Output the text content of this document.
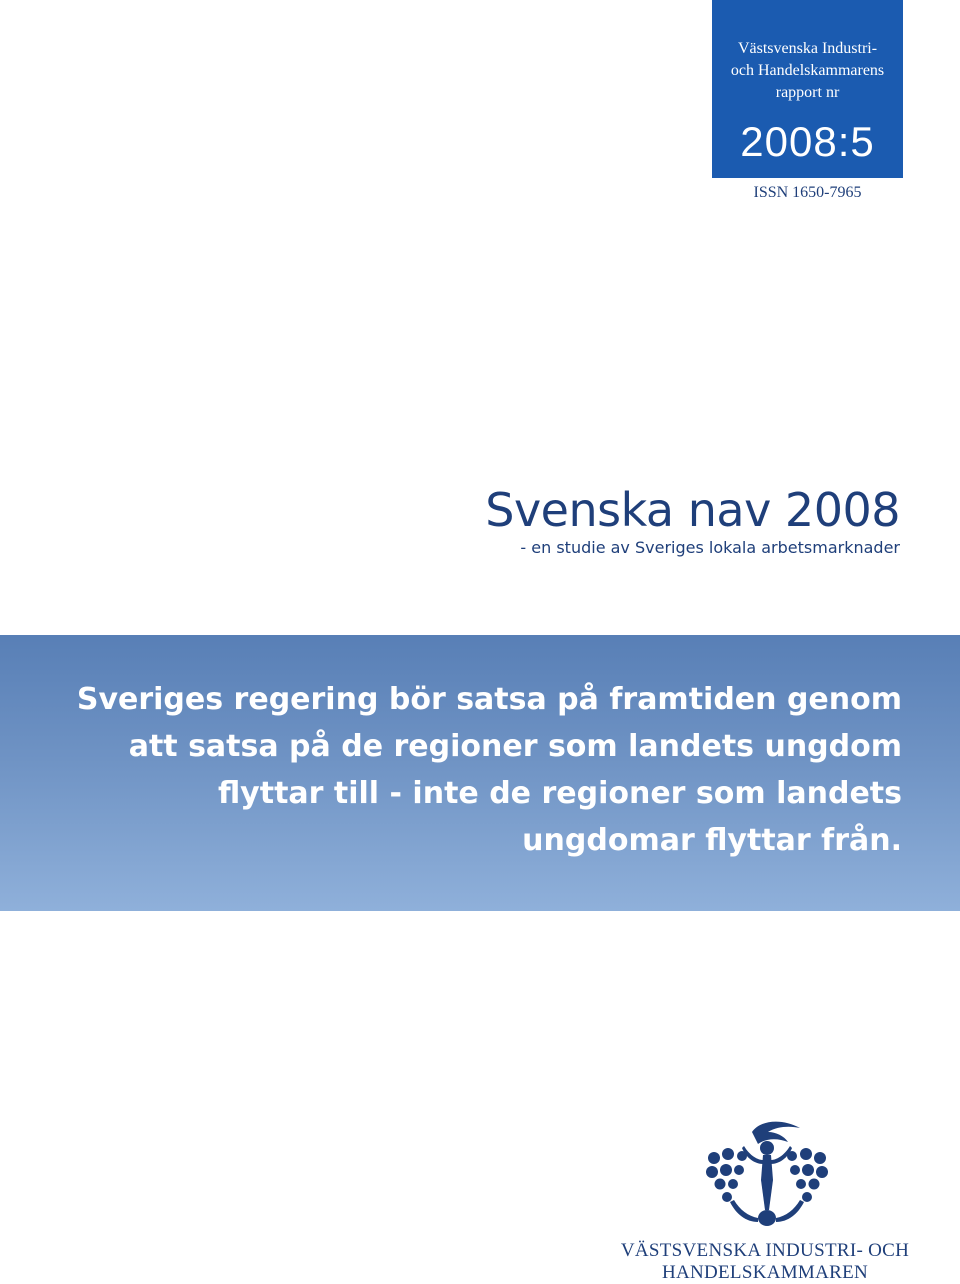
Västsvenska Industri-
och Handelskammarens
rapport nr

2008:5
ISSN 1650-7965
Svenska nav 2008

- en studie av Sveriges lokala arbetsmarknader

Sveriges regering bör satsa på framtiden genom
att satsa på de regioner som landets ungdom
flyttar till - inte de regioner som landets
ungdomar flyttar från.

VÄSTSVENSKA INDUSTRI- OCH
HANDELSKAMMAREN
